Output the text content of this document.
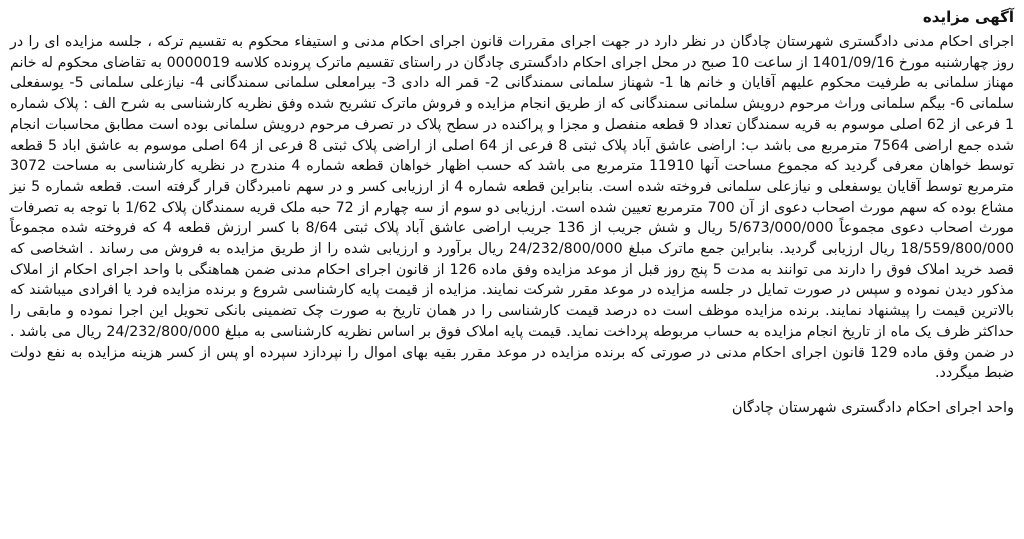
آگهی مزایده

اجرای احکام مدنی دادگستری شهرستان چادگان در نظر دارد در جهت اجرای مقررات قانون اجرای احکام مدنی و استیفاء محکوم به تقسیم ترکه ، جلسه مزایده ای را در روز چهارشنبه مورخ 1401/09/16 از ساعت 10 صبح در محل اجرای احکام دادگستری چادگان در راستای تقسیم ماترک پرونده کلاسه 0000019 به تقاضای محکوم له خانم مهناز سلمانی به طرفیت محکوم علیهم آقایان و خانم ها 1- شهناز سلمانی سمندگانی 2- قمر اله دادی 3- بیرامعلی سلمانی سمندگانی 4- نیازعلی سلمانی 5- یوسفعلی سلمانی 6- بیگم سلمانی وراث مرحوم درویش سلمانی سمندگانی که از طریق انجام مزایده و فروش ماترک تشریح شده وفق نظریه کارشناسی به شرح الف : پلاک شماره 1 فرعی از 62 اصلی موسوم به قریه سمندگان تعداد 9 قطعه منفصل و مجزا و پراکنده در سطح پلاک در تصرف مرحوم درویش سلمانی بوده است مطابق محاسبات انجام شده جمع اراضی 7564 مترمربع می باشد ب: اراضی عاشق آباد پلاک ثبتی 8 فرعی از 64 اصلی از اراضی پلاک ثبتی 8 فرعی از 64 اصلی موسوم به عاشق اباد 5 قطعه توسط خواهان معرفی گردید که مجموع مساحت آنها 11910 مترمربع می باشد که حسب اظهار خواهان قطعه شماره 4 مندرج در نظریه کارشناسی به مساحت 3072 مترمربع توسط آقایان یوسفعلی و نیازعلی سلمانی فروخته شده است. بنابراین قطعه شماره 4 از ارزیابی کسر و در سهم نامبردگان قرار گرفته است. قطعه شماره 5 نیز مشاع بوده که سهم مورث اصحاب دعوی از آن 700 مترمربع تعیین شده است. ارزیابی دو سوم از سه چهارم از 72 حبه ملک قریه سمندگان پلاک 1/62 با توجه به تصرفات مورث اصحاب دعوی مجموعاً 5/673/000/000 ریال و شش جریب از 136 جریب اراضی عاشق آباد پلاک ثبتی 8/64 با کسر ارزش قطعه 4 که فروخته شده مجموعاً 18/559/800/000 ریال ارزیابی گردید. بنابراین جمع ماترک مبلغ 24/232/800/000 ریال برآورد و ارزیابی شده را از طریق مزایده به فروش می رساند . اشخاصی که قصد خرید املاک فوق را دارند می توانند به مدت 5 پنج روز قبل از موعد مزایده وفق ماده 126 از قانون اجرای احکام مدنی ضمن هماهنگی با واحد اجرای احکام از املاک مذکور دیدن نموده و سپس در صورت تمایل در جلسه مزایده در موعد مقرر شرکت نمایند. مزایده از قیمت پایه کارشناسی شروع و برنده مزایده فرد یا افرادی میباشند که بالاترین قیمت را پیشنهاد نمایند. برنده مزایده موظف است ده درصد قیمت کارشناسی را در همان تاریخ به صورت چک تضمینی بانکی تحویل این اجرا نموده و مابقی را حداکثر ظرف یک ماه از تاریخ انجام مزایده به حساب مربوطه پرداخت نماید. قیمت پایه املاک فوق بر اساس نظریه کارشناسی به مبلغ 24/232/800/000 ریال می باشد . در ضمن وفق ماده 129 قانون اجرای احکام مدنی در صورتی که برنده مزایده در موعد مقرر بقیه بهای اموال را نپردازد سپرده او پس از کسر هزینه مزایده به نفع دولت ضبط میگردد.

واحد اجرای احکام دادگستری شهرستان چادگان
